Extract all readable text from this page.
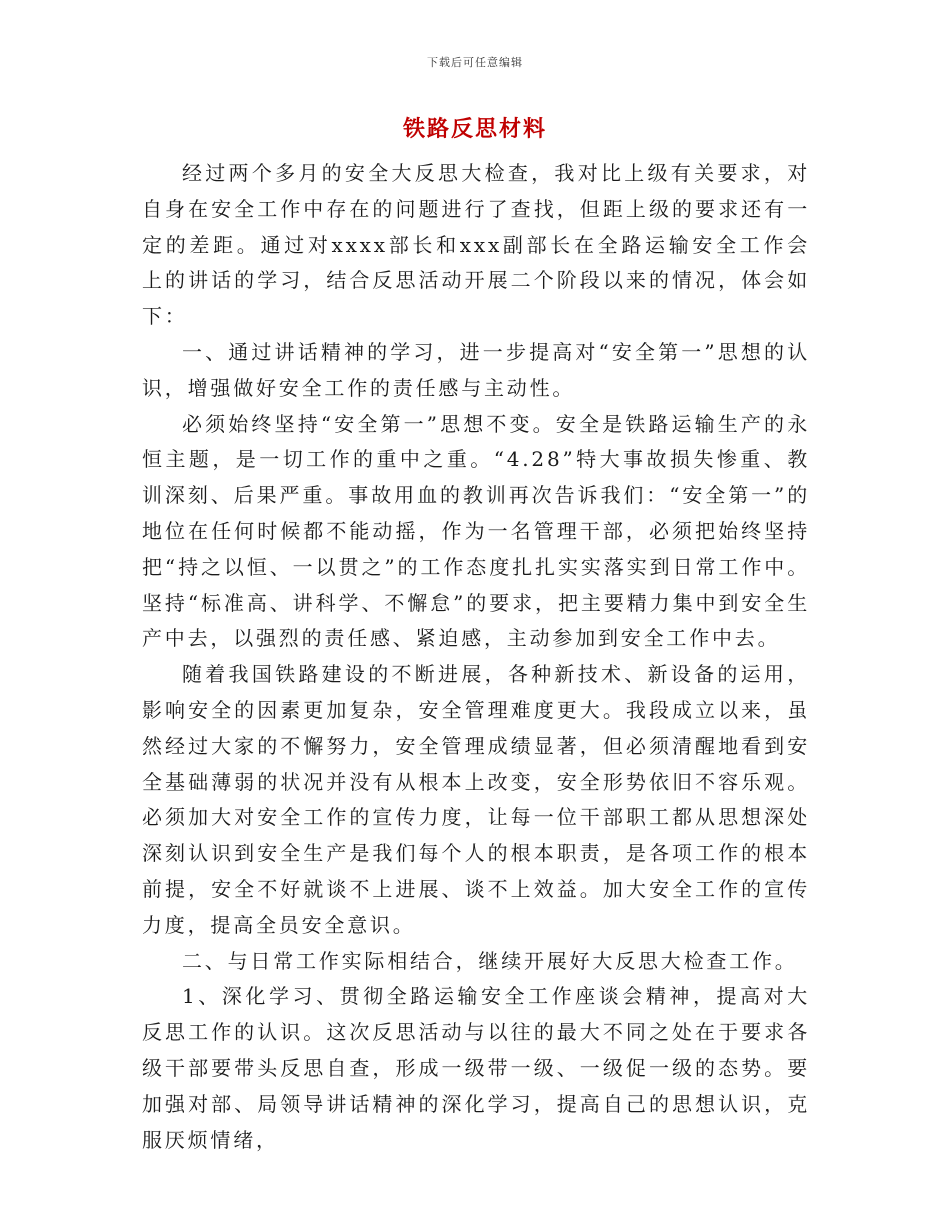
下载后可任意编辑
铁路反思材料

经过两个多月的安全大反思大检查，我对比上级有关要求，对自身在安全工作中存在的问题进行了查找，但距上级的要求还有一定的差距。通过对xxxx部长和xxx副部长在全路运输安全工作会上的讲话的学习，结合反思活动开展二个阶段以来的情况，体会如下：

一、通过讲话精神的学习，进一步提高对“安全第一”思想的认识，增强做好安全工作的责任感与主动性。

必须始终坚持“安全第一”思想不变。安全是铁路运输生产的永恒主题，是一切工作的重中之重。“4.28”特大事故损失惨重、教训深刻、后果严重。事故用血的教训再次告诉我们：“安全第一”的地位在任何时候都不能动摇，作为一名管理干部，必须把始终坚持把“持之以恒、一以贯之”的工作态度扎扎实实落实到日常工作中。坚持“标准高、讲科学、不懈怠”的要求，把主要精力集中到安全生产中去，以强烈的责任感、紧迫感，主动参加到安全工作中去。

随着我国铁路建设的不断进展，各种新技术、新设备的运用，影响安全的因素更加复杂，安全管理难度更大。我段成立以来，虽然经过大家的不懈努力，安全管理成绩显著，但必须清醒地看到安全基础薄弱的状况并没有从根本上改变，安全形势依旧不容乐观。必须加大对安全工作的宣传力度，让每一位干部职工都从思想深处深刻认识到安全生产是我们每个人的根本职责，是各项工作的根本前提，安全不好就谈不上进展、谈不上效益。加大安全工作的宣传力度，提高全员安全意识。

二、与日常工作实际相结合，继续开展好大反思大检查工作。

1、深化学习、贯彻全路运输安全工作座谈会精神，提高对大反思工作的认识。这次反思活动与以往的最大不同之处在于要求各级干部要带头反思自查，形成一级带一级、一级促一级的态势。要加强对部、局领导讲话精神的深化学习，提高自己的思想认识，克服厌烦情绪，
